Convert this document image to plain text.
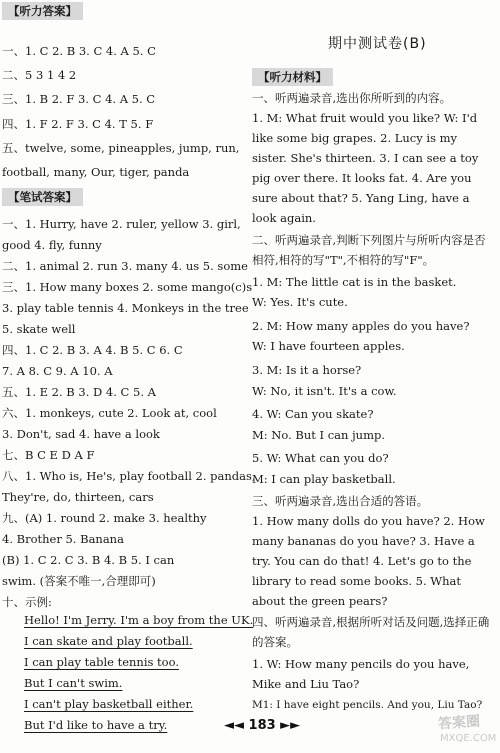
【听力答案】
一、1. C 2. B 3. C 4. A 5. C
二、5 3 1 4 2
三、1. B 2. F 3. C 4. A 5. C
四、1. F 2. F 3. C 4. T 5. F
五、twelve, some, pineapples, jump, run,
football, many, Our, tiger, panda
【笔试答案】
一、1. Hurry, have 2. ruler, yellow 3. girl,
good 4. fly, funny
二、1. animal 2. run 3. many 4. us 5. some
三、1. How many boxes 2. some mango(c)s
3. play table tennis 4. Monkeys in the tree
5. skate well
四、1. C 2. B 3. A 4. B 5. C 6. C
7. A 8. C 9. A 10. A
五、1. E 2. B 3. D 4. C 5. A
六、1. monkeys, cute 2. Look at, cool
3. Don't, sad 4. have a look
七、B C E D A F
八、1. Who is, He's, play football 2. pandas,
They're, do, thirteen, cars
九、(A) 1. round 2. make 3. healthy
4. Brother 5. Banana
(B) 1. C 2. C 3. B 4. B 5. I can
swim. (答案不唯一,合理即可)
十、示例:
期中测试卷(B)
【听力材料】
一、听两遍录音,选出你所听到的内容。
1. M: What fruit would you like? W: I'd
like some big grapes. 2. Lucy is my
sister. She's thirteen. 3. I can see a toy
pig over there. It looks fat. 4. Are you
sure about that? 5. Yang Ling, have a
look again.
二、听两遍录音,判断下列图片与所听内容是否
相符,相符的写"T",不相符的写"F"。
1. M: The little cat is in the basket.
W: Yes. It's cute.
2. M: How many apples do you have?
W: I have fourteen apples.
3. M: Is it a horse?
W: No, it isn't. It's a cow.
4. W: Can you skate?
M: No. But I can jump.
5. W: What can you do?
M: I can play basketball.
三、听两遍录音,选出合适的答语。
1. How many dolls do you have? 2. How
many bananas do you have? 3. Have a
try. You can do that! 4. Let's go to the
library to read some books. 5. What
about the green pears?
四、听两遍录音,根据所听对话及问题,选择正确
的答案。
1. W: How many pencils do you have,
Mike and Liu Tao?
M1: I have eight pencils. And you, Liu Tao?
◄◄ 183 ►►	答案圈
MXQE.COM
Hello! I'm Jerry. I'm a boy from the UK.
I can skate and play football.
I can play table tennis too.
But I can't swim.
I can't play basketball either.
But I'd like to have a try.
